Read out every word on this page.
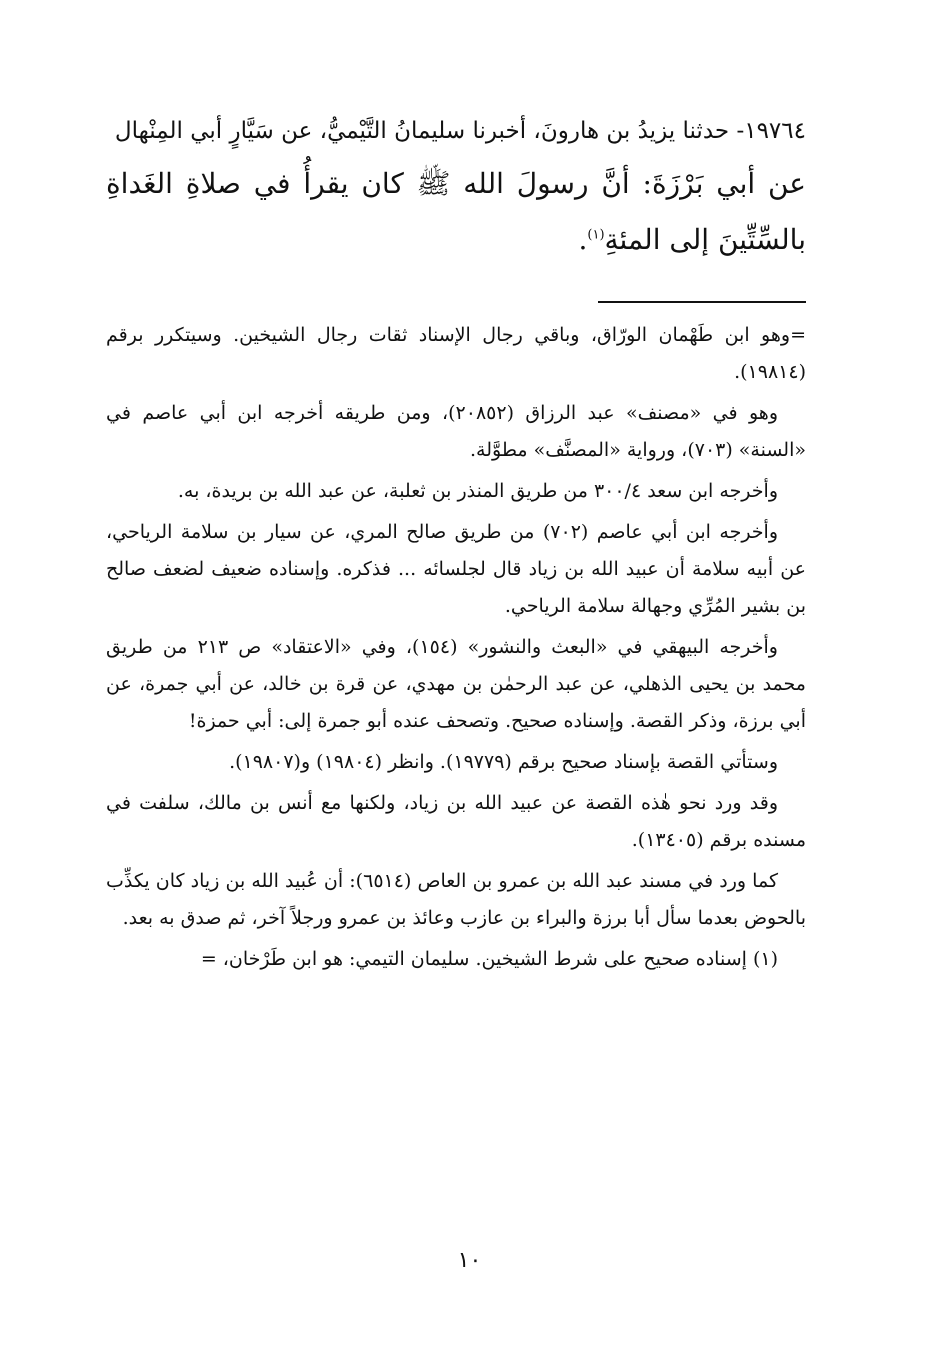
١٩٧٦٤- حدثنا يزيدُ بن هارونَ، أخبرنا سليمانُ التَّيْميُّ، عن سَيَّارٍ أبي المِنْهال

عن أبي بَرْزَةَ: أنَّ رسولَ الله ﷺ كان يقرأُ في صلاةِ الغَداةِ بالسِّتِّينَ إلى المئةِ$^{(١)}$.

=وهو ابن طَهْمان الورّاق، وباقي رجال الإسناد ثقات رجال الشيخين. وسيتكرر برقم (١٩٨١٤).

وهو في «مصنف» عبد الرزاق (٢٠٨٥٢)، ومن طريقه أخرجه ابن أبي عاصم في «السنة» (٧٠٣)، ورواية «المصنَّف» مطوَّلة.

وأخرجه ابن سعد ٣٠٠/٤ من طريق المنذر بن ثعلبة، عن عبد الله بن بريدة، به.

وأخرجه ابن أبي عاصم (٧٠٢) من طريق صالح المري، عن سيار بن سلامة الرياحي، عن أبيه سلامة أن عبيد الله بن زياد قال لجلسائه ... فذكره. وإسناده ضعيف لضعف صالح بن بشير المُرِّي وجهالة سلامة الرياحي.

وأخرجه البيهقي في «البعث والنشور» (١٥٤)، وفي «الاعتقاد» ص ٢١٣ من طريق محمد بن يحيى الذهلي، عن عبد الرحمٰن بن مهدي، عن قرة بن خالد، عن أبي جمرة، عن أبي برزة، وذكر القصة. وإسناده صحيح. وتصحف عنده أبو جمرة إلى: أبي حمزة!

وستأتي القصة بإسناد صحيح برقم (١٩٧٧٩). وانظر (١٩٨٠٤) و(١٩٨٠٧).

وقد ورد نحو هٰذه القصة عن عبيد الله بن زياد، ولكنها مع أنس بن مالك، سلفت في مسنده برقم (١٣٤٠٥).

كما ورد في مسند عبد الله بن عمرو بن العاص (٦٥١٤): أن عُبيد الله بن زياد كان يكذِّب بالحوض بعدما سأل أبا برزة والبراء بن عازب وعائذ بن عمرو ورجلاً آخر، ثم صدق به بعد.

(١) إسناده صحيح على شرط الشيخين. سليمان التيمي: هو ابن طَرْخان، =

١٠
